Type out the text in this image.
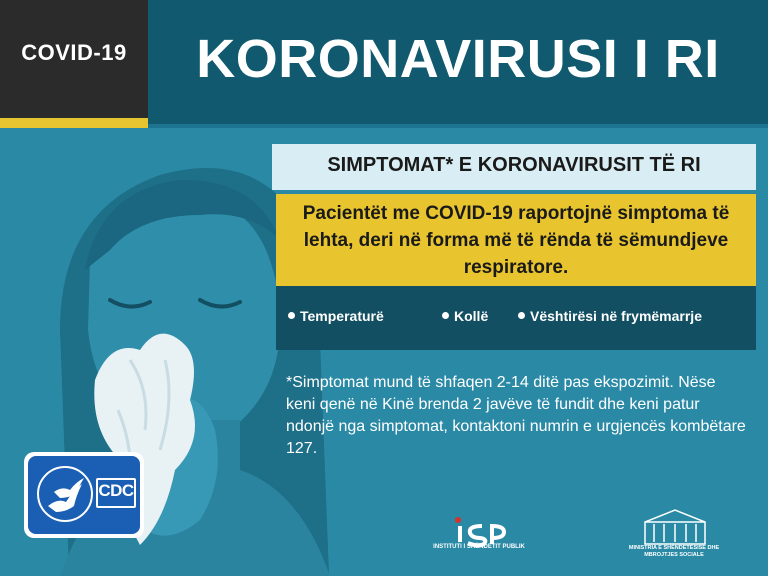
COVID-19	KORONAVIRUSI I RI
SIMPTOMAT* E KORONAVIRUSIT TË RI
Pacientët me COVID-19 raportojnë simptoma të lehta, deri në forma më të rënda të sëmundjeve respiratore.
Temperaturë	Kollë	Vështirësi në frymëmarrje
*Simptomat mund të shfaqen 2-14 ditë pas ekspozimit. Nëse keni qenë në Kinë brenda 2 javëve të fundit dhe keni patur ndonjë nga simptomat, kontaktoni numrin e urgjencës kombëtare 127.
CDC
INSTITUTI I SHËNDETIT PUBLIK	MINISTRIA E SHËNDETËSISË DHE MBROJTJES SOCIALE
